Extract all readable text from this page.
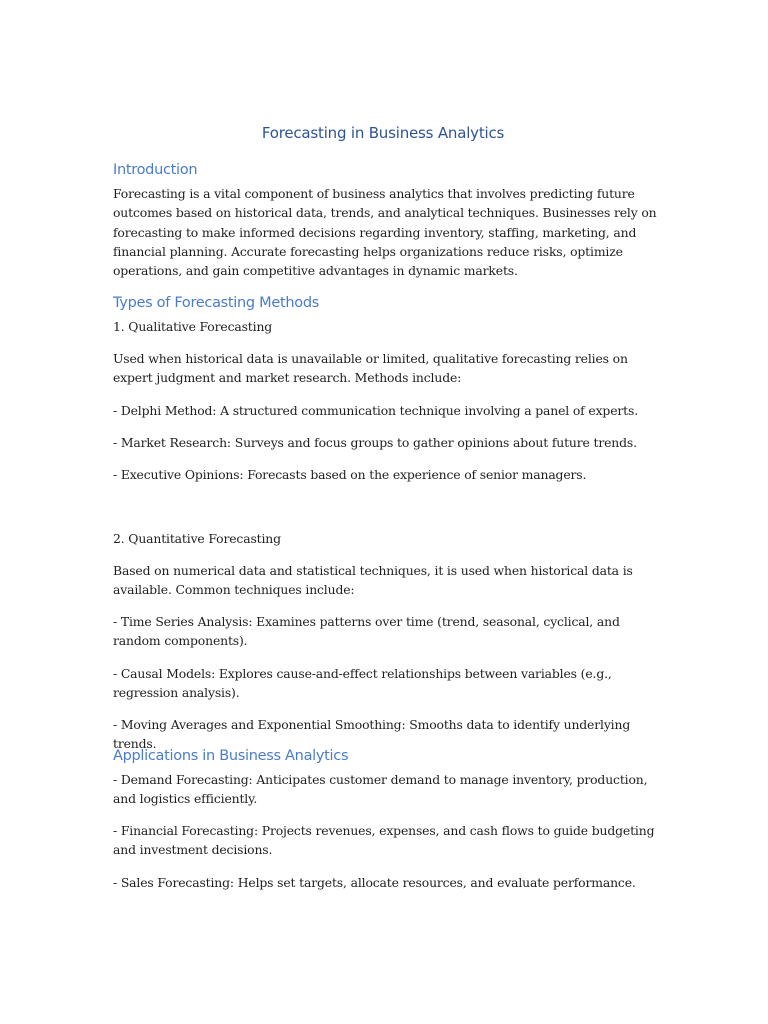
Forecasting in Business Analytics
Introduction

Forecasting is a vital component of business analytics that involves predicting future outcomes based on historical data, trends, and analytical techniques. Businesses rely on forecasting to make informed decisions regarding inventory, staffing, marketing, and financial planning. Accurate forecasting helps organizations reduce risks, optimize operations, and gain competitive advantages in dynamic markets.

Types of Forecasting Methods

1. Qualitative Forecasting

Used when historical data is unavailable or limited, qualitative forecasting relies on expert judgment and market research. Methods include:

- Delphi Method: A structured communication technique involving a panel of experts.

- Market Research: Surveys and focus groups to gather opinions about future trends.

- Executive Opinions: Forecasts based on the experience of senior managers.

2. Quantitative Forecasting

Based on numerical data and statistical techniques, it is used when historical data is available. Common techniques include:

- Time Series Analysis: Examines patterns over time (trend, seasonal, cyclical, and random components).

- Causal Models: Explores cause-and-effect relationships between variables (e.g., regression analysis).

- Moving Averages and Exponential Smoothing: Smooths data to identify underlying trends.

Applications in Business Analytics

- Demand Forecasting: Anticipates customer demand to manage inventory, production, and logistics efficiently.

- Financial Forecasting: Projects revenues, expenses, and cash flows to guide budgeting and investment decisions.

- Sales Forecasting: Helps set targets, allocate resources, and evaluate performance.
